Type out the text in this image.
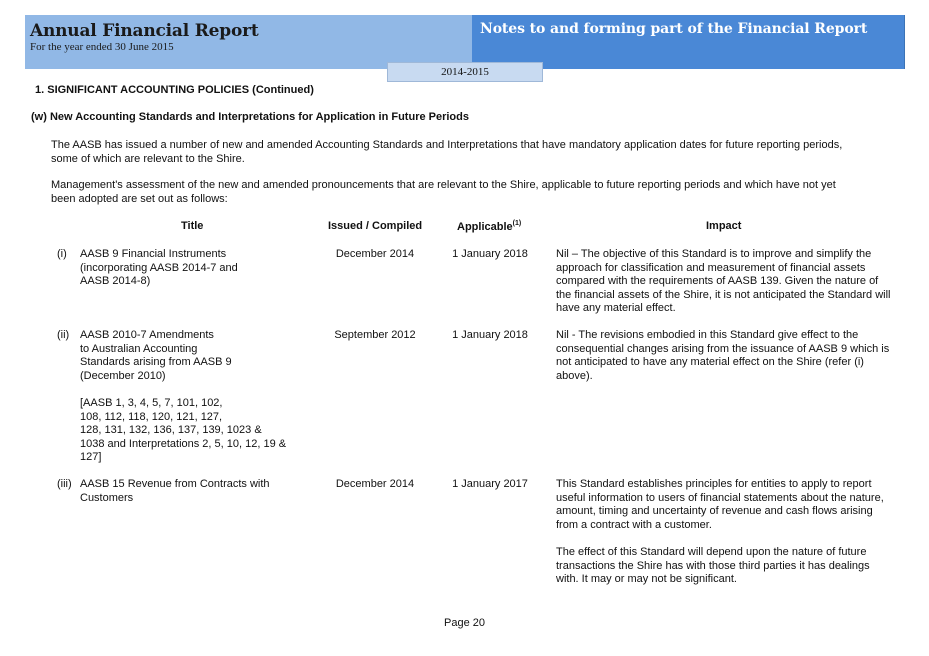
Annual Financial Report
For the year ended 30 June 2015
Notes to and forming part of the Financial Report
2014-2015
1. SIGNIFICANT ACCOUNTING POLICIES (Continued)
(w) New Accounting Standards and Interpretations for Application in Future Periods
The AASB has issued a number of new and amended Accounting Standards and Interpretations that have mandatory application dates for future reporting periods, some of which are relevant to the Shire.
Management's assessment of the new and amended pronouncements that are relevant to the Shire, applicable to future reporting periods and which have not yet been adopted are set out as follows:
Title	Issued / Compiled	Applicable$^{(1)}$	Impact
(i) AASB 9 Financial Instruments
(incorporating AASB 2014-7 and
AASB 2014-8)
December 2014	1 January 2018	Nil – The objective of this Standard is to improve and simplify the approach for classification and measurement of financial assets compared with the requirements of AASB 139. Given the nature of the financial assets of the Shire, it is not anticipated the Standard will have any material effect.
(ii) AASB 2010-7 Amendments
to Australian Accounting
Standards arising from AASB 9
(December 2010)

[AASB 1, 3, 4, 5, 7, 101, 102,
108, 112, 118, 120, 121, 127,
128, 131, 132, 136, 137, 139, 1023 &
1038 and Interpretations 2, 5, 10, 12, 19 &
127]
September 2012	1 January 2018	Nil - The revisions embodied in this Standard give effect to the consequential changes arising from the issuance of AASB 9 which is not anticipated to have any material effect on the Shire (refer (i) above).
(iii) AASB 15 Revenue from Contracts with
Customers
December 2014	1 January 2017	This Standard establishes principles for entities to apply to report useful information to users of financial statements about the nature, amount, timing and uncertainty of revenue and cash flows arising from a contract with a customer.

The effect of this Standard will depend upon the nature of future transactions the Shire has with those third parties it has dealings with. It may or may not be significant.
Page 20
